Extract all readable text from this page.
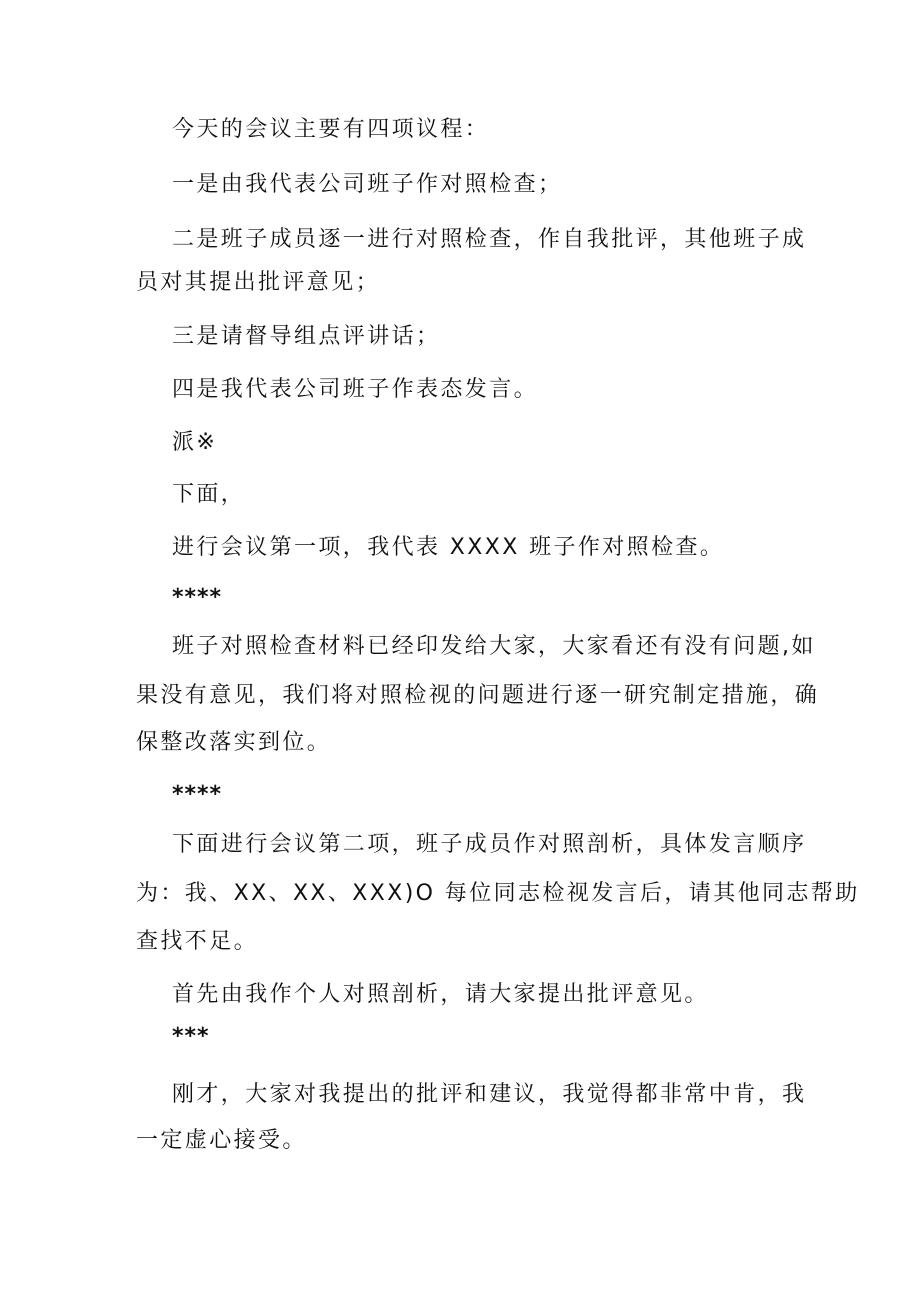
今天的会议主要有四项议程：
一是由我代表公司班子作对照检查；
二是班子成员逐一进行对照检查，作自我批评，其他班子成
员对其提出批评意见；
三是请督导组点评讲话；
四是我代表公司班子作表态发言。
派※
下面，
进行会议第一项，我代表 XXXX 班子作对照检查。
****
班子对照检查材料已经印发给大家，大家看还有没有问题,如
果没有意见，我们将对照检视的问题进行逐一研究制定措施，确
保整改落实到位。
****
下面进行会议第二项，班子成员作对照剖析，具体发言顺序
为：我、XX、XX、XXX)O 每位同志检视发言后，请其他同志帮助
查找不足。
首先由我作个人对照剖析，请大家提出批评意见。
***
刚才，大家对我提出的批评和建议，我觉得都非常中肯，我
一定虚心接受。
